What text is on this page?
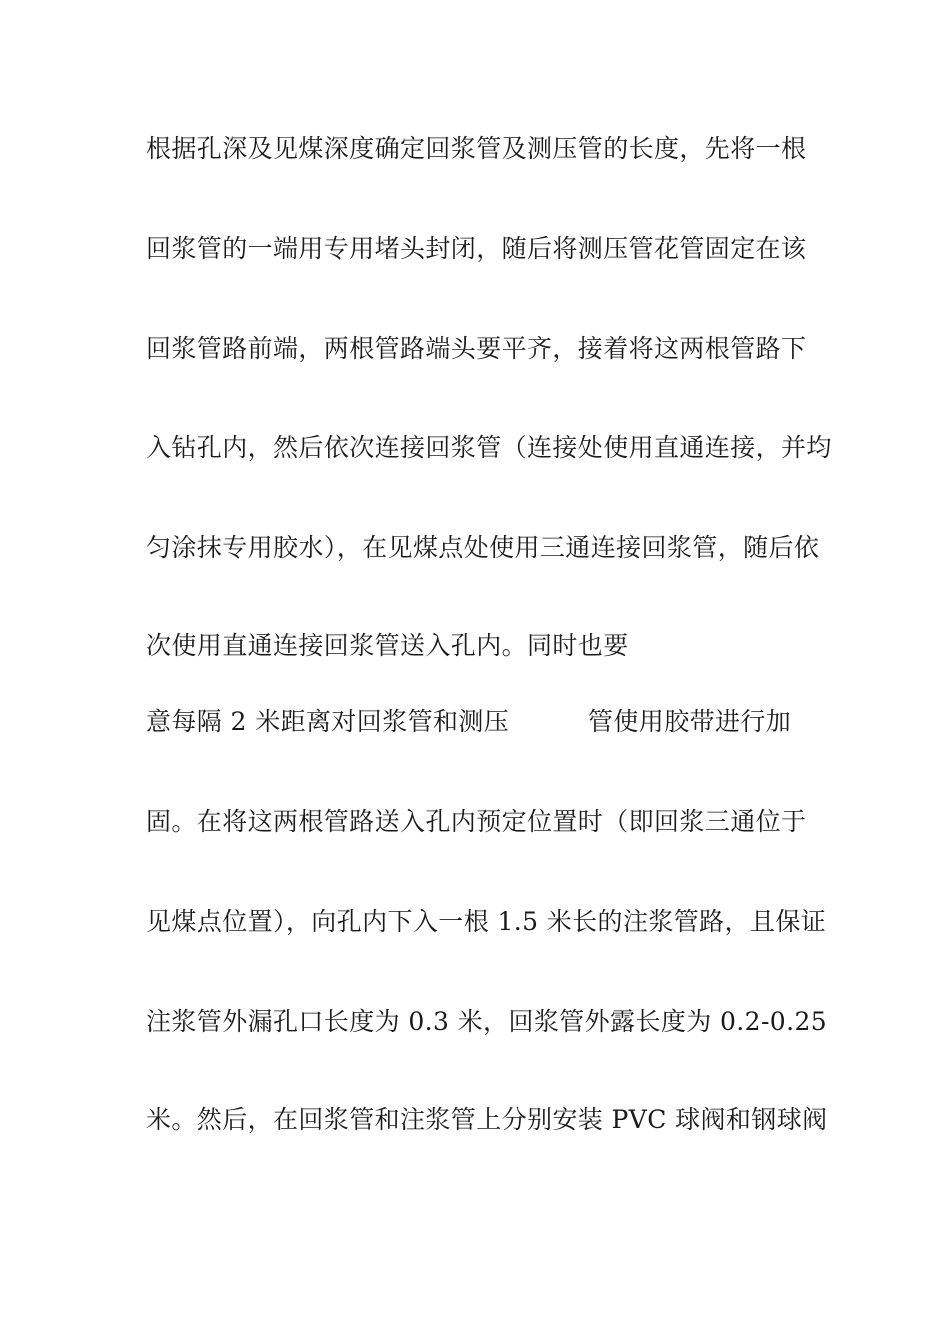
根据孔深及见煤深度确定回浆管及测压管的长度，先将一根
回浆管的一端用专用堵头封闭，随后将测压管花管固定在该
回浆管路前端，两根管路端头要平齐，接着将这两根管路下
入钻孔内，然后依次连接回浆管（连接处使用直通连接，并均
匀涂抹专用胶水），在见煤点处使用三通连接回浆管，随后依
次使用直通连接回浆管送入孔内。同时也要
意每隔 2 米距离对回浆管和测压	管使用胶带进行加
固。在将这两根管路送入孔内预定位置时（即回浆三通位于
见煤点位置），向孔内下入一根 1.5 米长的注浆管路，且保证
注浆管外漏孔口长度为 0.3 米，回浆管外露长度为 0.2-0.25
米。然后，在回浆管和注浆管上分别安装 PVC 球阀和钢球阀
